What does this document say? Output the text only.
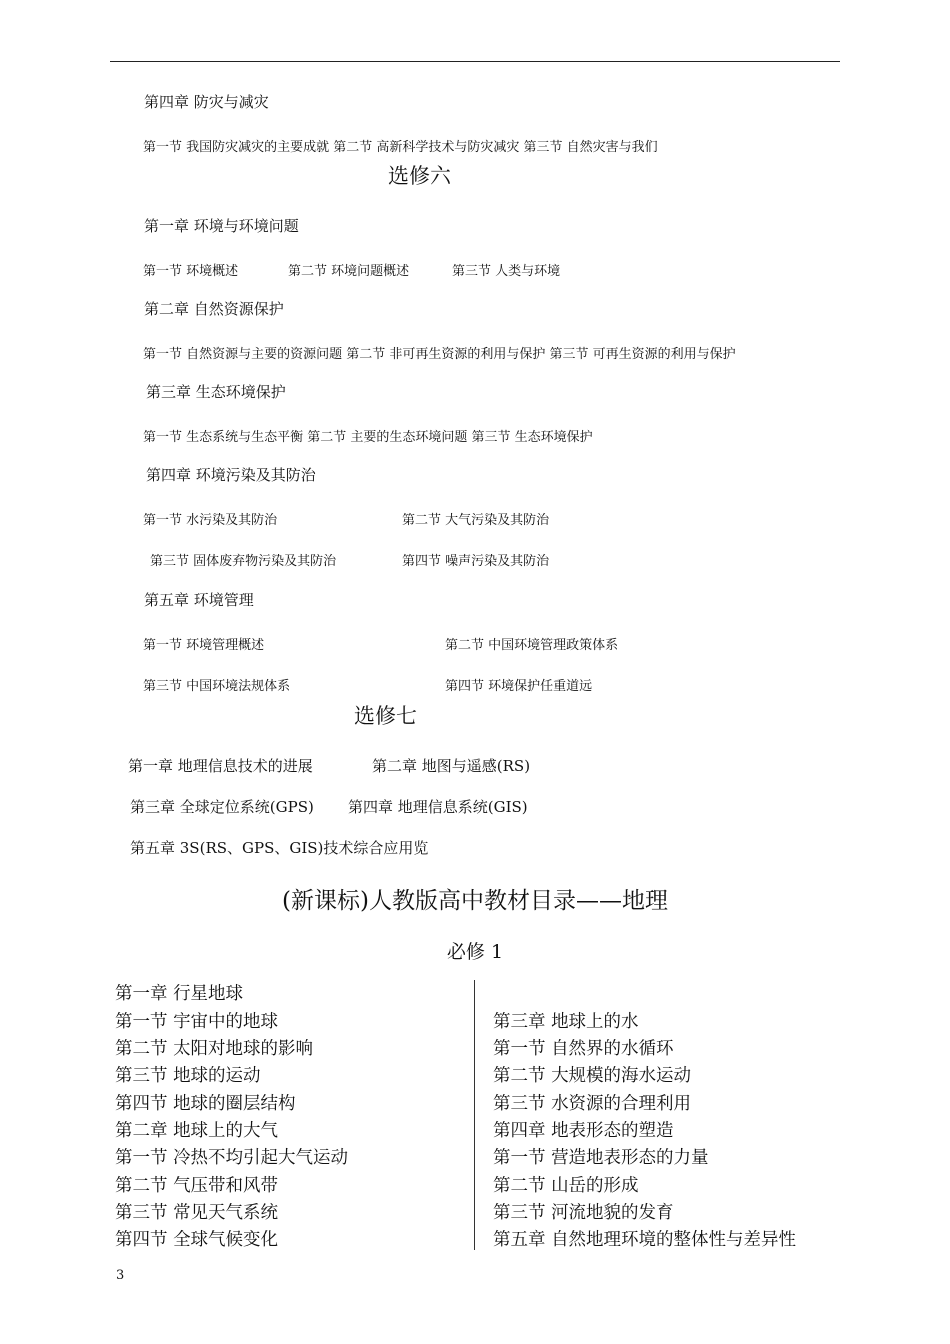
第四章 防灾与减灾
第一节 我国防灾减灾的主要成就 第二节 高新科学技术与防灾减灾 第三节 自然灾害与我们
选修六
第一章 环境与环境问题
第一节 环境概述	第二节 环境问题概述	第三节 人类与环境
第二章 自然资源保护
第一节 自然资源与主要的资源问题 第二节 非可再生资源的利用与保护 第三节 可再生资源的利用与保护
第三章 生态环境保护
第一节 生态系统与生态平衡 第二节 主要的生态环境问题 第三节 生态环境保护
第四章 环境污染及其防治
第一节 水污染及其防治	第二节 大气污染及其防治
第三节 固体废弃物污染及其防治	第四节 噪声污染及其防治
第五章 环境管理
第一节 环境管理概述	第二节 中国环境管理政策体系
第三节 中国环境法规体系	第四节 环境保护任重道远
选修七
第一章 地理信息技术的进展	第二章 地图与遥感(RS)
第三章 全球定位系统(GPS) 第四章 地理信息系统(GIS)
第五章 3S(RS、GPS、GIS)技术综合应用览
(新课标)人教版高中教材目录——地理
必修 1
第一章 行星地球
第一节 宇宙中的地球
第二节 太阳对地球的影响
第三节 地球的运动
第四节 地球的圈层结构
第二章 地球上的大气
第一节 冷热不均引起大气运动
第二节 气压带和风带
第三节 常见天气系统
第四节 全球气候变化
第三章 地球上的水
第一节 自然界的水循环
第二节 大规模的海水运动
第三节 水资源的合理利用
第四章 地表形态的塑造
第一节 营造地表形态的力量
第二节 山岳的形成
第三节 河流地貌的发育
第五章 自然地理环境的整体性与差异性
3
